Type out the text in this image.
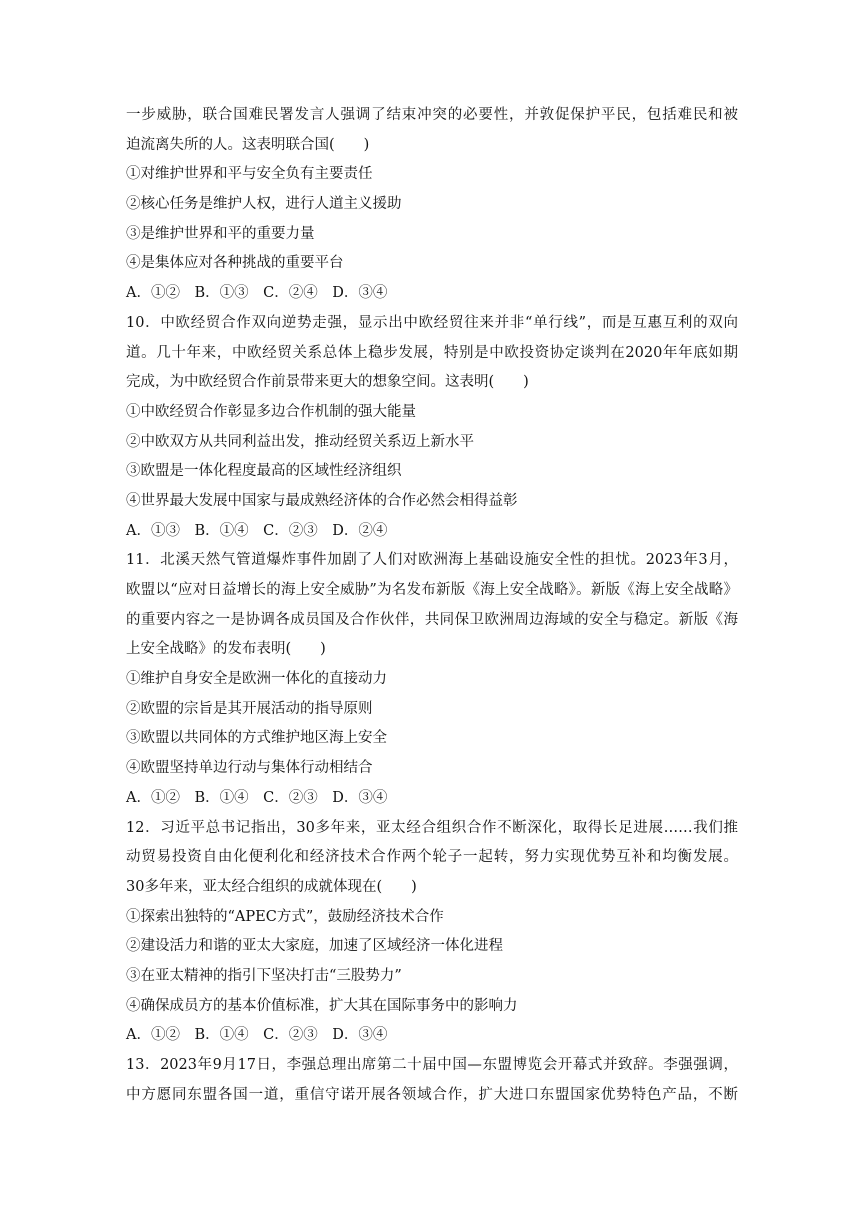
一步威胁，联合国难民署发言人强调了结束冲突的必要性，并敦促保护平民，包括难民和被
迫流离失所的人。这表明联合国(　　)
①对维护世界和平与安全负有主要责任
②核心任务是维护人权，进行人道主义援助
③是维护世界和平的重要力量
④是集体应对各种挑战的重要平台
A．①②　B．①③　C．②④　D．③④
10．中欧经贸合作双向逆势走强，显示出中欧经贸往来并非“单行线”，而是互惠互利的双向
道。几十年来，中欧经贸关系总体上稳步发展，特别是中欧投资协定谈判在2020年年底如期
完成，为中欧经贸合作前景带来更大的想象空间。这表明(　　)
①中欧经贸合作彰显多边合作机制的强大能量
②中欧双方从共同利益出发，推动经贸关系迈上新水平
③欧盟是一体化程度最高的区域性经济组织
④世界最大发展中国家与最成熟经济体的合作必然会相得益彰
A．①③　B．①④　C．②③　D．②④
11．北溪天然气管道爆炸事件加剧了人们对欧洲海上基础设施安全性的担忧。2023年3月，
欧盟以“应对日益增长的海上安全威胁”为名发布新版《海上安全战略》。新版《海上安全战略》
的重要内容之一是协调各成员国及合作伙伴，共同保卫欧洲周边海域的安全与稳定。新版《海
上安全战略》的发布表明(　　)
①维护自身安全是欧洲一体化的直接动力
②欧盟的宗旨是其开展活动的指导原则
③欧盟以共同体的方式维护地区海上安全
④欧盟坚持单边行动与集体行动相结合
A．①②　B．①④　C．②③　D．③④
12．习近平总书记指出，30多年来，亚太经合组织合作不断深化，取得长足进展……我们推
动贸易投资自由化便利化和经济技术合作两个轮子一起转，努力实现优势互补和均衡发展。
30多年来，亚太经合组织的成就体现在(　　)
①探索出独特的“APEC方式”，鼓励经济技术合作
②建设活力和谐的亚太大家庭，加速了区域经济一体化进程
③在亚太精神的指引下坚决打击“三股势力”
④确保成员方的基本价值标准，扩大其在国际事务中的影响力
A．①②　B．①④　C．②③　D．③④
13．2023年9月17日，李强总理出席第二十届中国—东盟博览会开幕式并致辞。李强强调，
中方愿同东盟各国一道，重信守诺开展各领域合作，扩大进口东盟国家优势特色产品，不断
